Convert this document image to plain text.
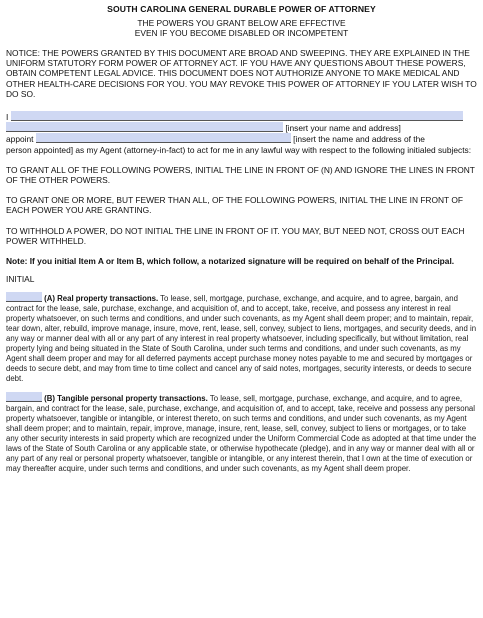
SOUTH CAROLINA GENERAL DURABLE POWER OF ATTORNEY
THE POWERS YOU GRANT BELOW ARE EFFECTIVE
EVEN IF YOU BECOME DISABLED OR INCOMPETENT

NOTICE: THE POWERS GRANTED BY THIS DOCUMENT ARE BROAD AND SWEEPING. THEY ARE EXPLAINED IN THE UNIFORM STATUTORY FORM POWER OF ATTORNEY ACT. IF YOU HAVE ANY QUESTIONS ABOUT THESE POWERS, OBTAIN COMPETENT LEGAL ADVICE. THIS DOCUMENT DOES NOT AUTHORIZE ANYONE TO MAKE MEDICAL AND OTHER HEALTH-CARE DECISIONS FOR YOU. YOU MAY REVOKE THIS POWER OF ATTORNEY IF YOU LATER WISH TO DO SO.

I

[insert your name and address]

appoint	[insert the name and address of the

person appointed] as my Agent (attorney-in-fact) to act for me in any lawful way with respect to the following initialed subjects:

TO GRANT ALL OF THE FOLLOWING POWERS, INITIAL THE LINE IN FRONT OF (N) AND IGNORE THE LINES IN FRONT OF THE OTHER POWERS.

TO GRANT ONE OR MORE, BUT FEWER THAN ALL, OF THE FOLLOWING POWERS, INITIAL THE LINE IN FRONT OF EACH POWER YOU ARE GRANTING.

TO WITHHOLD A POWER, DO NOT INITIAL THE LINE IN FRONT OF IT. YOU MAY, BUT NEED NOT, CROSS OUT EACH POWER WITHHELD.

Note: If you initial Item A or Item B, which follow, a notarized signature will be required on behalf of the Principal.

INITIAL

(A) Real property transactions. To lease, sell, mortgage, purchase, exchange, and acquire, and to agree, bargain, and contract for the lease, sale, purchase, exchange, and acquisition of, and to accept, take, receive, and possess any interest in real property whatsoever, on such terms and conditions, and under such covenants, as my Agent shall deem proper; and to maintain, repair, tear down, alter, rebuild, improve manage, insure, move, rent, lease, sell, convey, subject to liens, mortgages, and security deeds, and in any way or manner deal with all or any part of any interest in real property whatsoever, including specifically, but without limitation, real property lying and being situated in the State of South Carolina, under such terms and conditions, and under such covenants, as my Agent shall deem proper and may for all deferred payments accept purchase money notes payable to me and secured by mortgages or deeds to secure debt, and may from time to time collect and cancel any of said notes, mortgages, security interests, or deeds to secure debt.

(B) Tangible personal property transactions. To lease, sell, mortgage, purchase, exchange, and acquire, and to agree, bargain, and contract for the lease, sale, purchase, exchange, and acquisition of, and to accept, take, receive and possess any personal property whatsoever, tangible or intangible, or interest thereto, on such terms and conditions, and under such covenants, as my Agent shall deem proper; and to maintain, repair, improve, manage, insure, rent, lease, sell, convey, subject to liens or mortgages, or to take any other security interests in said property which are recognized under the Uniform Commercial Code as adopted at that time under the laws of the State of South Carolina or any applicable state, or otherwise hypothecate (pledge), and in any way or manner deal with all or any part of any real or personal property whatsoever, tangible or intangible, or any interest therein, that I own at the time of execution or may thereafter acquire, under such terms and conditions, and under such covenants, as my Agent shall deem proper.
